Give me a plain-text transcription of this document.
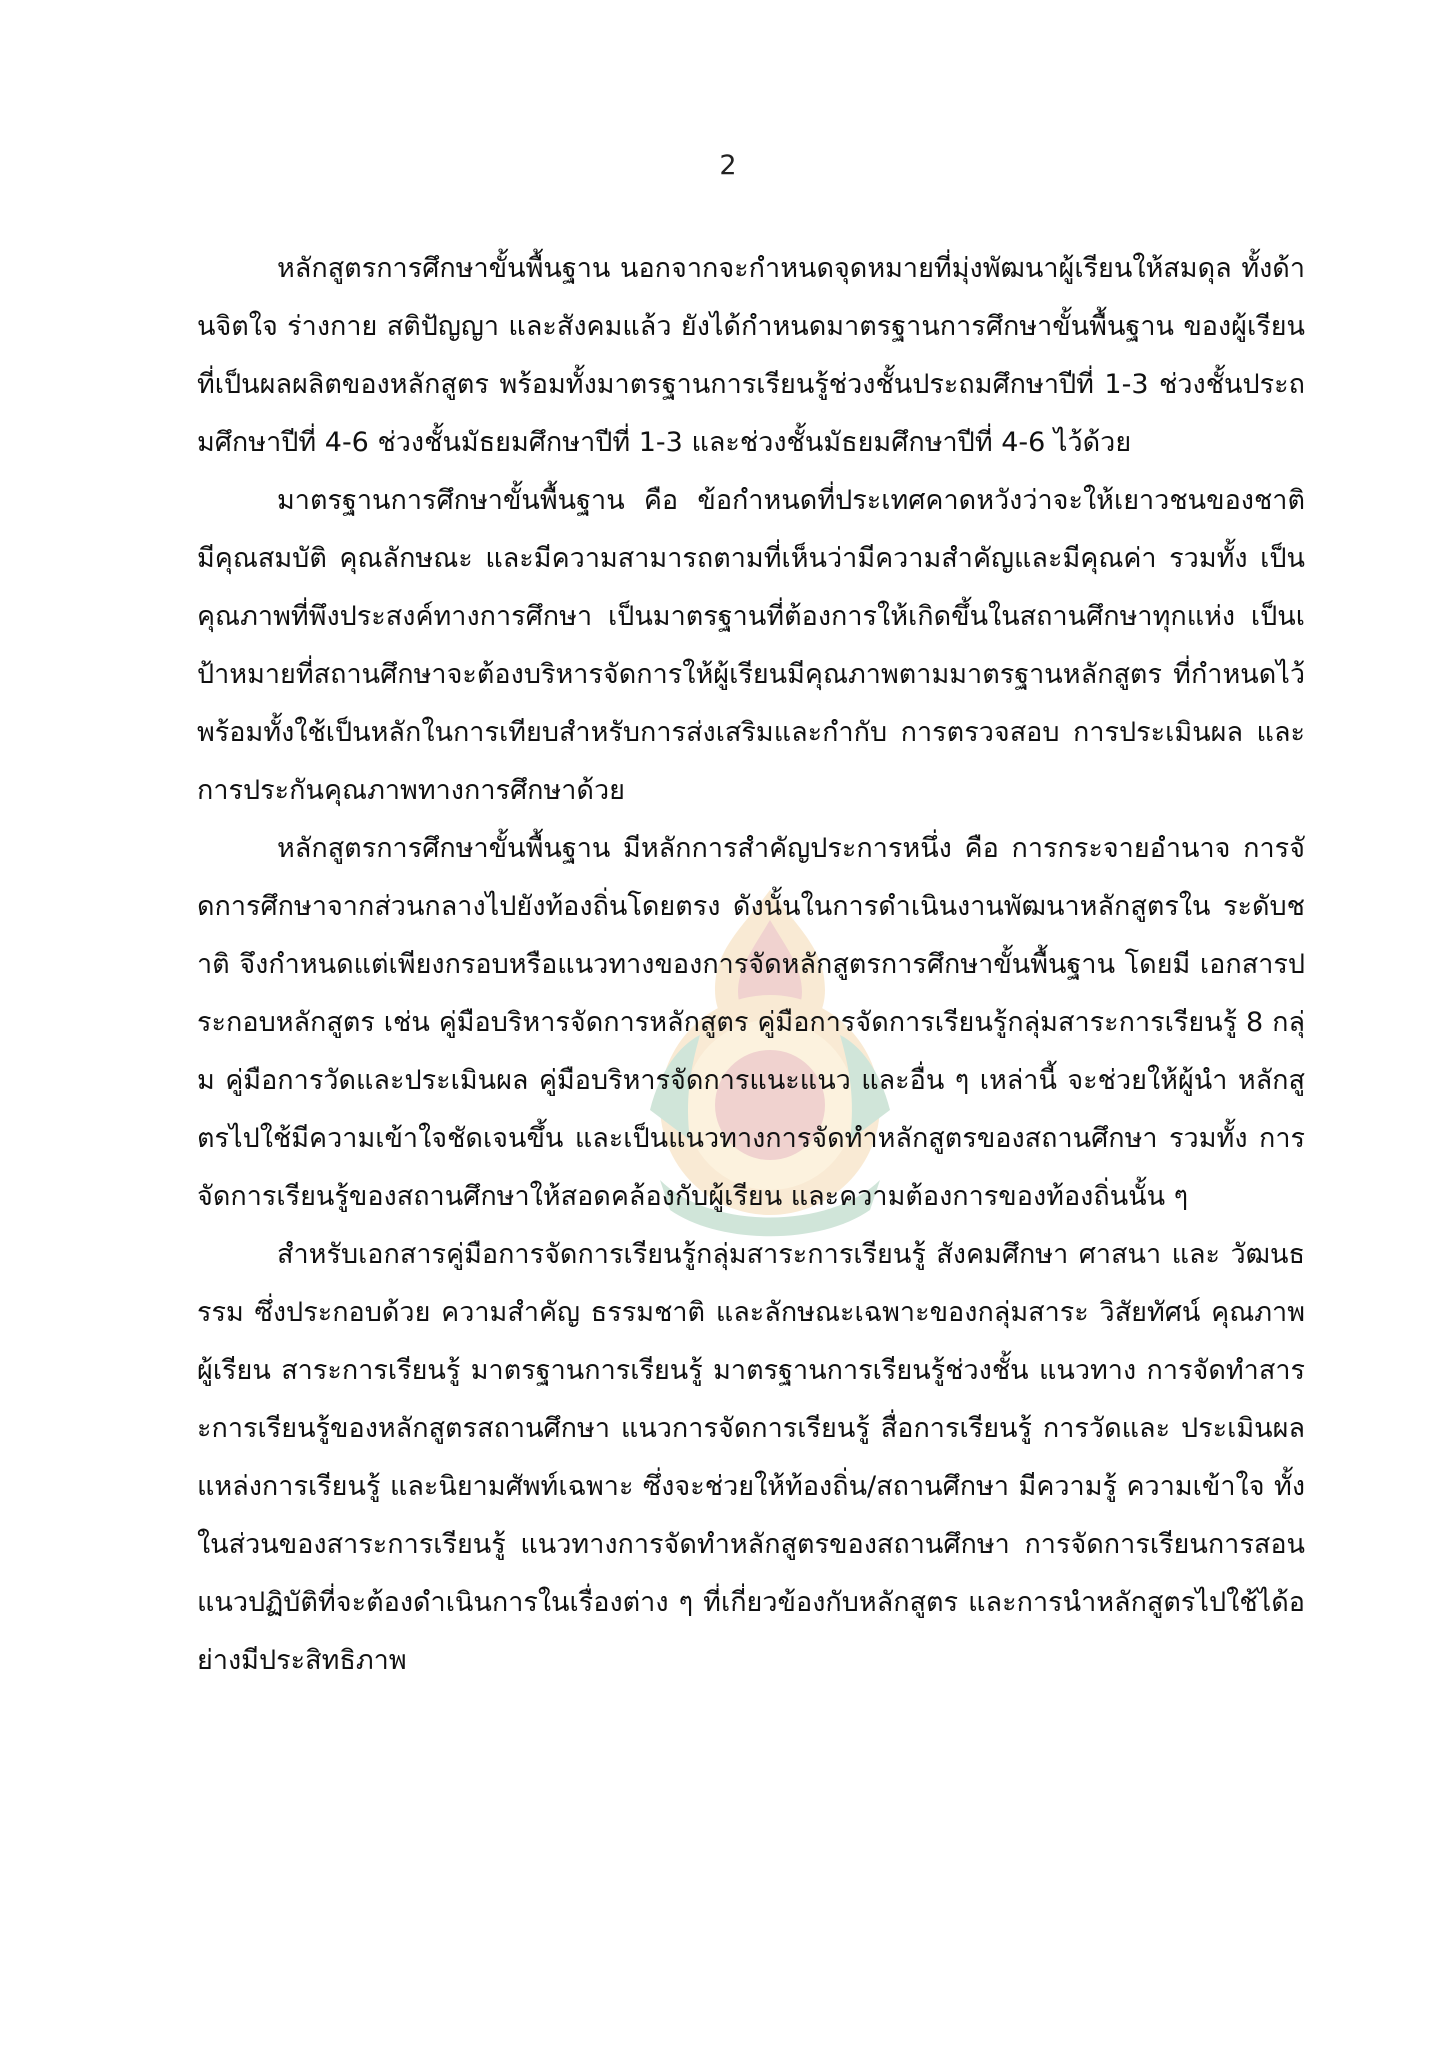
2

หลักสูตรการศึกษาขั้นพื้นฐาน นอกจากจะกำหนดจุดหมายที่มุ่งพัฒนาผู้เรียนให้สมดุล ทั้งด้านจิตใจ ร่างกาย สติปัญญา และสังคมแล้ว ยังได้กำหนดมาตรฐานการศึกษาขั้นพื้นฐาน ของผู้เรียนที่เป็นผลผลิตของหลักสูตร พร้อมทั้งมาตรฐานการเรียนรู้ช่วงชั้นประถมศึกษาปีที่ 1-3 ช่วงชั้นประถมศึกษาปีที่ 4-6 ช่วงชั้นมัธยมศึกษาปีที่ 1-3 และช่วงชั้นมัธยมศึกษาปีที่ 4-6 ไว้ด้วย

มาตรฐานการศึกษาขั้นพื้นฐาน คือ ข้อกำหนดที่ประเทศคาดหวังว่าจะให้เยาวชนของชาติ มีคุณสมบัติ คุณลักษณะ และมีความสามารถตามที่เห็นว่ามีความสำคัญและมีคุณค่า รวมทั้ง เป็นคุณภาพที่พึงประสงค์ทางการศึกษา เป็นมาตรฐานที่ต้องการให้เกิดขึ้นในสถานศึกษาทุกแห่ง เป็นเป้าหมายที่สถานศึกษาจะต้องบริหารจัดการให้ผู้เรียนมีคุณภาพตามมาตรฐานหลักสูตร ที่กำหนดไว้ พร้อมทั้งใช้เป็นหลักในการเทียบสำหรับการส่งเสริมและกำกับ การตรวจสอบ การประเมินผล และการประกันคุณภาพทางการศึกษาด้วย

หลักสูตรการศึกษาขั้นพื้นฐาน มีหลักการสำคัญประการหนึ่ง คือ การกระจายอำนาจ การจัดการศึกษาจากส่วนกลางไปยังท้องถิ่นโดยตรง ดังนั้นในการดำเนินงานพัฒนาหลักสูตรใน ระดับชาติ จึงกำหนดแต่เพียงกรอบหรือแนวทางของการจัดหลักสูตรการศึกษาขั้นพื้นฐาน โดยมี เอกสารประกอบหลักสูตร เช่น คู่มือบริหารจัดการหลักสูตร คู่มือการจัดการเรียนรู้กลุ่มสาระการเรียนรู้ 8 กลุ่ม คู่มือการวัดและประเมินผล คู่มือบริหารจัดการแนะแนว และอื่น ๆ เหล่านี้ จะช่วยให้ผู้นำ หลักสูตรไปใช้มีความเข้าใจชัดเจนขึ้น และเป็นแนวทางการจัดทำหลักสูตรของสถานศึกษา รวมทั้ง การจัดการเรียนรู้ของสถานศึกษาให้สอดคล้องกับผู้เรียน และความต้องการของท้องถิ่นนั้น ๆ

สำหรับเอกสารคู่มือการจัดการเรียนรู้กลุ่มสาระการเรียนรู้ สังคมศึกษา ศาสนา และ วัฒนธรรม ซึ่งประกอบด้วย ความสำคัญ ธรรมชาติ และลักษณะเฉพาะของกลุ่มสาระ วิสัยทัศน์ คุณภาพผู้เรียน สาระการเรียนรู้ มาตรฐานการเรียนรู้ มาตรฐานการเรียนรู้ช่วงชั้น แนวทาง การจัดทำสาระการเรียนรู้ของหลักสูตรสถานศึกษา แนวการจัดการเรียนรู้ สื่อการเรียนรู้ การวัดและ ประเมินผล แหล่งการเรียนรู้ และนิยามศัพท์เฉพาะ ซึ่งจะช่วยให้ท้องถิ่น/สถานศึกษา มีความรู้ ความเข้าใจ ทั้งในส่วนของสาระการเรียนรู้ แนวทางการจัดทำหลักสูตรของสถานศึกษา การจัดการเรียนการสอน แนวปฏิบัติที่จะต้องดำเนินการในเรื่องต่าง ๆ ที่เกี่ยวข้องกับหลักสูตร และการนำหลักสูตรไปใช้ได้อย่างมีประสิทธิภาพ
